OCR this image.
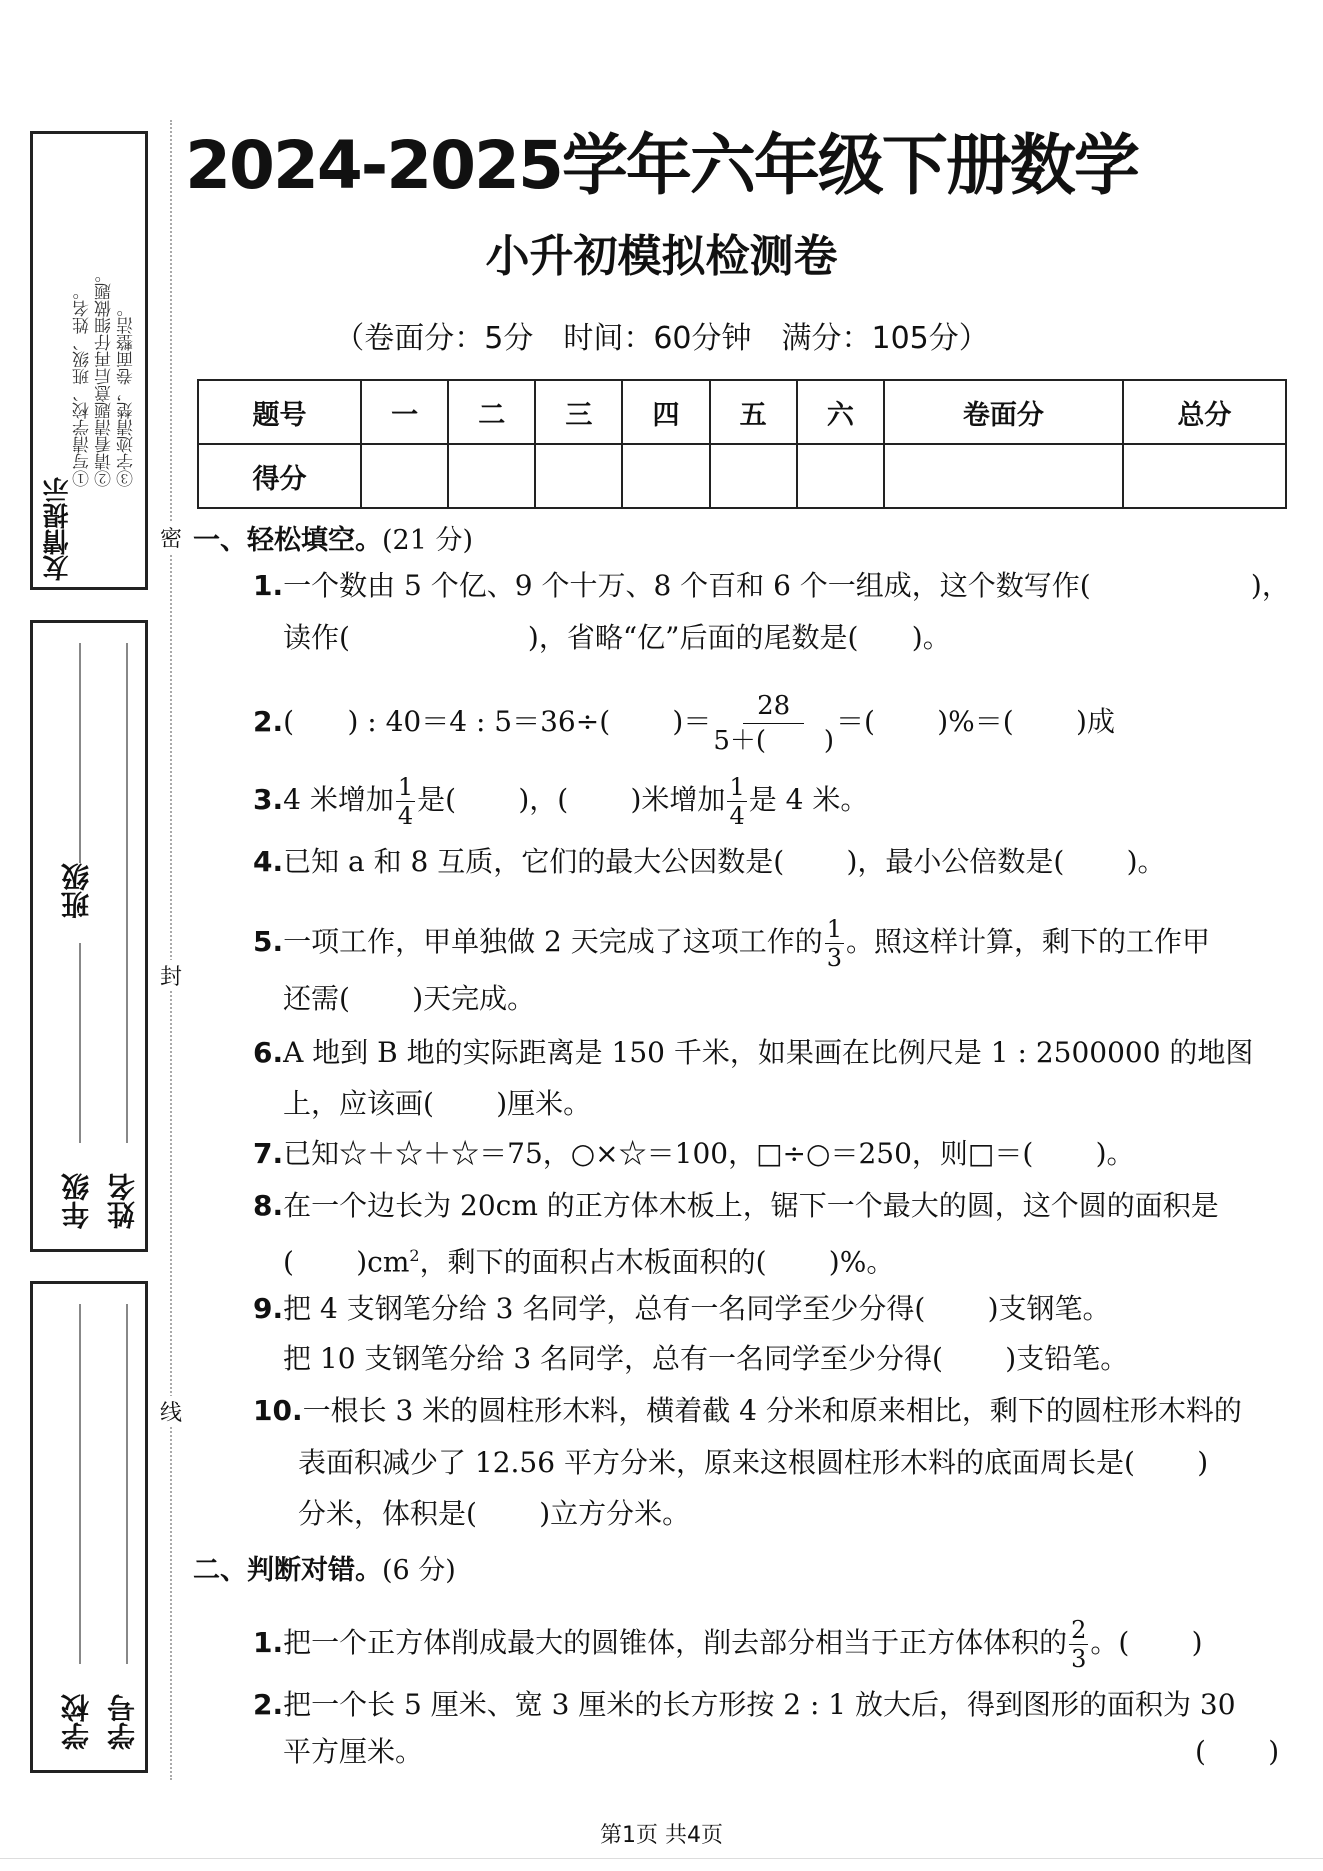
友情提示
①写清学校、班级、姓名。 ②请看清题意后再仔细做题。 ③字迹清楚，卷面整洁。
年级
班级
姓名
学校 学号
密
封
线
2024-2025学年六年级下册数学
小升初模拟检测卷
（卷面分：5分　时间：60分钟　满分：105分）
题号	一	二	三	四	五	六	卷面分	总分
得分								
一、轻松填空。(21 分)
1.一个数由 5 个亿、9 个十万、8 个百和 6 个一组成，这个数写作(                  )，
读作(                    )，省略“亿”后面的尾数是(      )。
2.(      ) : 40＝4 : 5＝36÷(       )＝ $\frac{28}{5+( )}$ ＝(       )%＝(       )成
3.4 米增加 $\frac{1}{4}$ 是(       )，(       )米增加 $\frac{1}{4}$ 是 4 米。
4.已知 a 和 8 互质，它们的最大公因数是(       )，最小公倍数是(       )。
5.一项工作，甲单独做 2 天完成了这项工作的 $\frac{1}{3}$ 。照这样计算，剩下的工作甲
还需(       )天完成。
6.A 地到 B 地的实际距离是 150 千米，如果画在比例尺是 1 : 2500000 的地图
上，应该画(       )厘米。
7.已知☆＋☆＋☆＝75，○×☆＝100，□÷○＝250，则□＝(       )。
8.在一个边长为 20cm 的正方体木板上，锯下一个最大的圆，这个圆的面积是
(       )$cm^2$，剩下的面积占木板面积的(       )%。
9.把 4 支钢笔分给 3 名同学，总有一名同学至少分得(       )支钢笔。
把 10 支钢笔分给 3 名同学，总有一名同学至少分得(       )支铅笔。
10.一根长 3 米的圆柱形木料，横着截 4 分米和原来相比，剩下的圆柱形木料的
表面积减少了 12.56 平方分米，原来这根圆柱形木料的底面周长是(       )
分米，体积是(       )立方分米。
二、判断对错。(6 分)
1.把一个正方体削成最大的圆锥体，削去部分相当于正方体体积的 $\frac{2}{3}$ 。(       )
2.把一个长 5 厘米、宽 3 厘米的长方形按 2 : 1 放大后，得到图形的面积为 30
平方厘米。	(       )
第1页 共4页
